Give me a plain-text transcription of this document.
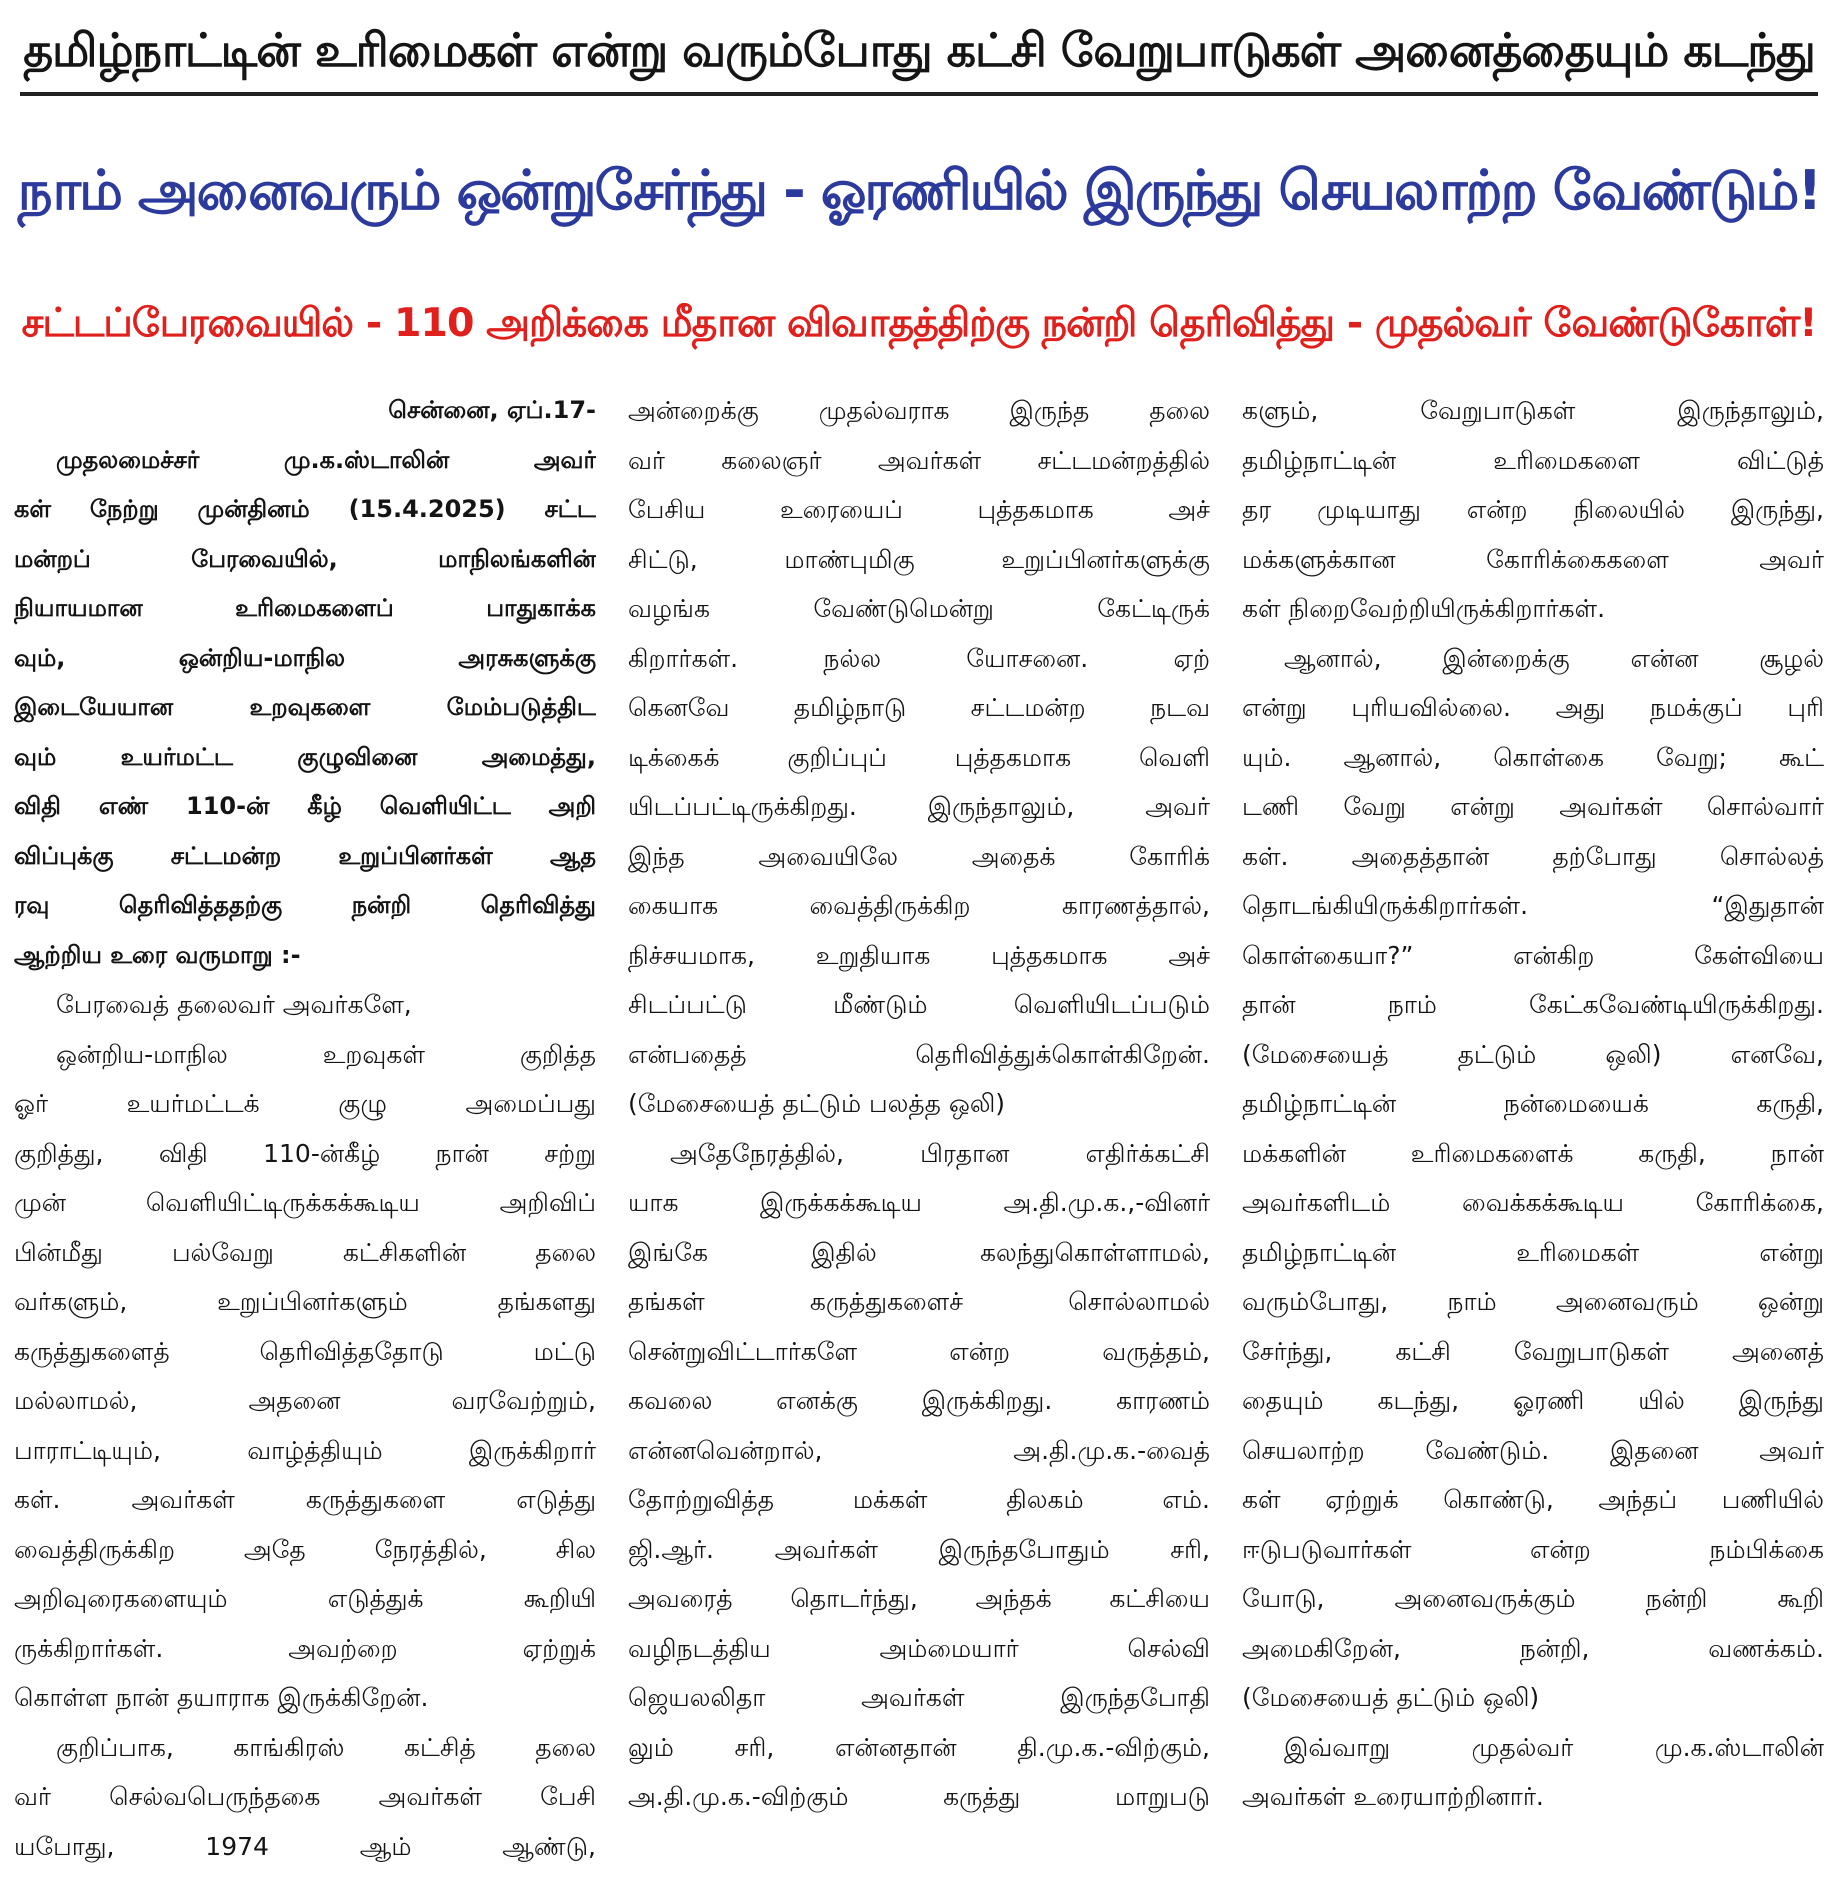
தமிழ்நாட்டின் உரிமைகள் என்று வரும்போது கட்சி வேறுபாடுகள் அனைத்தையும் கடந்து
நாம் அனைவரும் ஒன்றுசேர்ந்து - ஓரணியில் இருந்து செயலாற்ற வேண்டும்!
சட்டப்பேரவையில் - 110 அறிக்கை மீதான விவாதத்திற்கு நன்றி தெரிவித்து - முதல்வர் வேண்டுகோள்!
சென்னை, ஏப்.17-
முதலமைச்சர் மு.க.ஸ்டாலின் அவர்
கள் நேற்று முன்தினம் (15.4.2025) சட்ட
மன்றப் பேரவையில், மாநிலங்களின்
நியாயமான உரிமைகளைப் பாதுகாக்க
வும், ஒன்றிய-மாநில அரசுகளுக்கு
இடையேயான உறவுகளை மேம்படுத்திட
வும் உயர்மட்ட குழுவினை அமைத்து,
விதி எண் 110-ன் கீழ் வெளியிட்ட அறி
விப்புக்கு சட்டமன்ற உறுப்பினர்கள் ஆத
ரவு தெரிவித்ததற்கு நன்றி தெரிவித்து
ஆற்றிய உரை வருமாறு :-
பேரவைத் தலைவர் அவர்களே,
ஒன்றிய-மாநில உறவுகள் குறித்த
ஓர் உயர்மட்டக் குழு அமைப்பது
குறித்து, விதி 110-ன்கீழ் நான் சற்று
முன் வெளியிட்டிருக்கக்கூடிய அறிவிப்
பின்மீது பல்வேறு கட்சிகளின் தலை
வர்களும், உறுப்பினர்களும் தங்களது
கருத்துகளைத் தெரிவித்ததோடு மட்டு
மல்லாமல், அதனை வரவேற்றும்,
பாராட்டியும், வாழ்த்தியும் இருக்கிறார்
கள். அவர்கள் கருத்துகளை எடுத்து
வைத்திருக்கிற அதே நேரத்தில், சில
அறிவுரைகளையும் எடுத்துக் கூறியி
ருக்கிறார்கள். அவற்றை ஏற்றுக்
கொள்ள நான் தயாராக இருக்கிறேன்.
குறிப்பாக, காங்கிரஸ் கட்சித் தலை
வர் செல்வபெருந்தகை அவர்கள் பேசி
யபோது, 1974 ஆம் ஆண்டு,
அன்றைக்கு முதல்வராக இருந்த தலை
வர் கலைஞர் அவர்கள் சட்டமன்றத்தில்
பேசிய உரையைப் புத்தகமாக அச்
சிட்டு, மாண்புமிகு உறுப்பினர்களுக்கு
வழங்க வேண்டுமென்று கேட்டிருக்
கிறார்கள். நல்ல யோசனை. ஏற்
கெனவே தமிழ்நாடு சட்டமன்ற நடவ
டிக்கைக் குறிப்புப் புத்தகமாக வெளி
யிடப்பட்டிருக்கிறது. இருந்தாலும், அவர்
இந்த அவையிலே அதைக் கோரிக்
கையாக வைத்திருக்கிற காரணத்தால்,
நிச்சயமாக, உறுதியாக புத்தகமாக அச்
சிடப்பட்டு மீண்டும் வெளியிடப்படும்
என்பதைத் தெரிவித்துக்கொள்கிறேன்.
(மேசையைத் தட்டும் பலத்த ஒலி)
அதேநேரத்தில், பிரதான எதிர்க்கட்சி
யாக இருக்கக்கூடிய அ.தி.மு.க.,-வினர்
இங்கே இதில் கலந்துகொள்ளாமல்,
தங்கள் கருத்துகளைச் சொல்லாமல்
சென்றுவிட்டார்களே என்ற வருத்தம்,
கவலை எனக்கு இருக்கிறது. காரணம்
என்னவென்றால், அ.தி.மு.க.-வைத்
தோற்றுவித்த மக்கள் திலகம் எம்.
ஜி.ஆர். அவர்கள் இருந்தபோதும் சரி,
அவரைத் தொடர்ந்து, அந்தக் கட்சியை
வழிநடத்திய அம்மையார் செல்வி
ஜெயலலிதா அவர்கள் இருந்தபோதி
லும் சரி, என்னதான் தி.மு.க.-விற்கும்,
அ.தி.மு.க.-விற்கும் கருத்து மாறுபடு
களும், வேறுபாடுகள் இருந்தாலும்,
தமிழ்நாட்டின் உரிமைகளை விட்டுத்
தர முடியாது என்ற நிலையில் இருந்து,
மக்களுக்கான கோரிக்கைகளை அவர்
கள் நிறைவேற்றியிருக்கிறார்கள்.
ஆனால், இன்றைக்கு என்ன சூழல்
என்று புரியவில்லை. அது நமக்குப் புரி
யும். ஆனால், கொள்கை வேறு; கூட்
டணி வேறு என்று அவர்கள் சொல்வார்
கள். அதைத்தான் தற்போது சொல்லத்
தொடங்கியிருக்கிறார்கள். “இதுதான்
கொள்கையா?” என்கிற கேள்வியை
தான் நாம் கேட்கவேண்டியிருக்கிறது.
(மேசையைத் தட்டும் ஒலி) எனவே,
தமிழ்நாட்டின் நன்மையைக் கருதி,
மக்களின் உரிமைகளைக் கருதி, நான்
அவர்களிடம் வைக்கக்கூடிய கோரிக்கை,
தமிழ்நாட்டின் உரிமைகள் என்று
வரும்போது, நாம் அனைவரும் ஒன்று
சேர்ந்து, கட்சி வேறுபாடுகள் அனைத்
தையும் கடந்து, ஓரணி யில் இருந்து
செயலாற்ற வேண்டும். இதனை அவர்
கள் ஏற்றுக் கொண்டு, அந்தப் பணியில்
ஈடுபடுவார்கள் என்ற நம்பிக்கை
யோடு, அனைவருக்கும் நன்றி கூறி
அமைகிறேன், நன்றி, வணக்கம்.
(மேசையைத் தட்டும் ஒலி)
இவ்வாறு முதல்வர் மு.க.ஸ்டாலின்
அவர்கள் உரையாற்றினார்.
